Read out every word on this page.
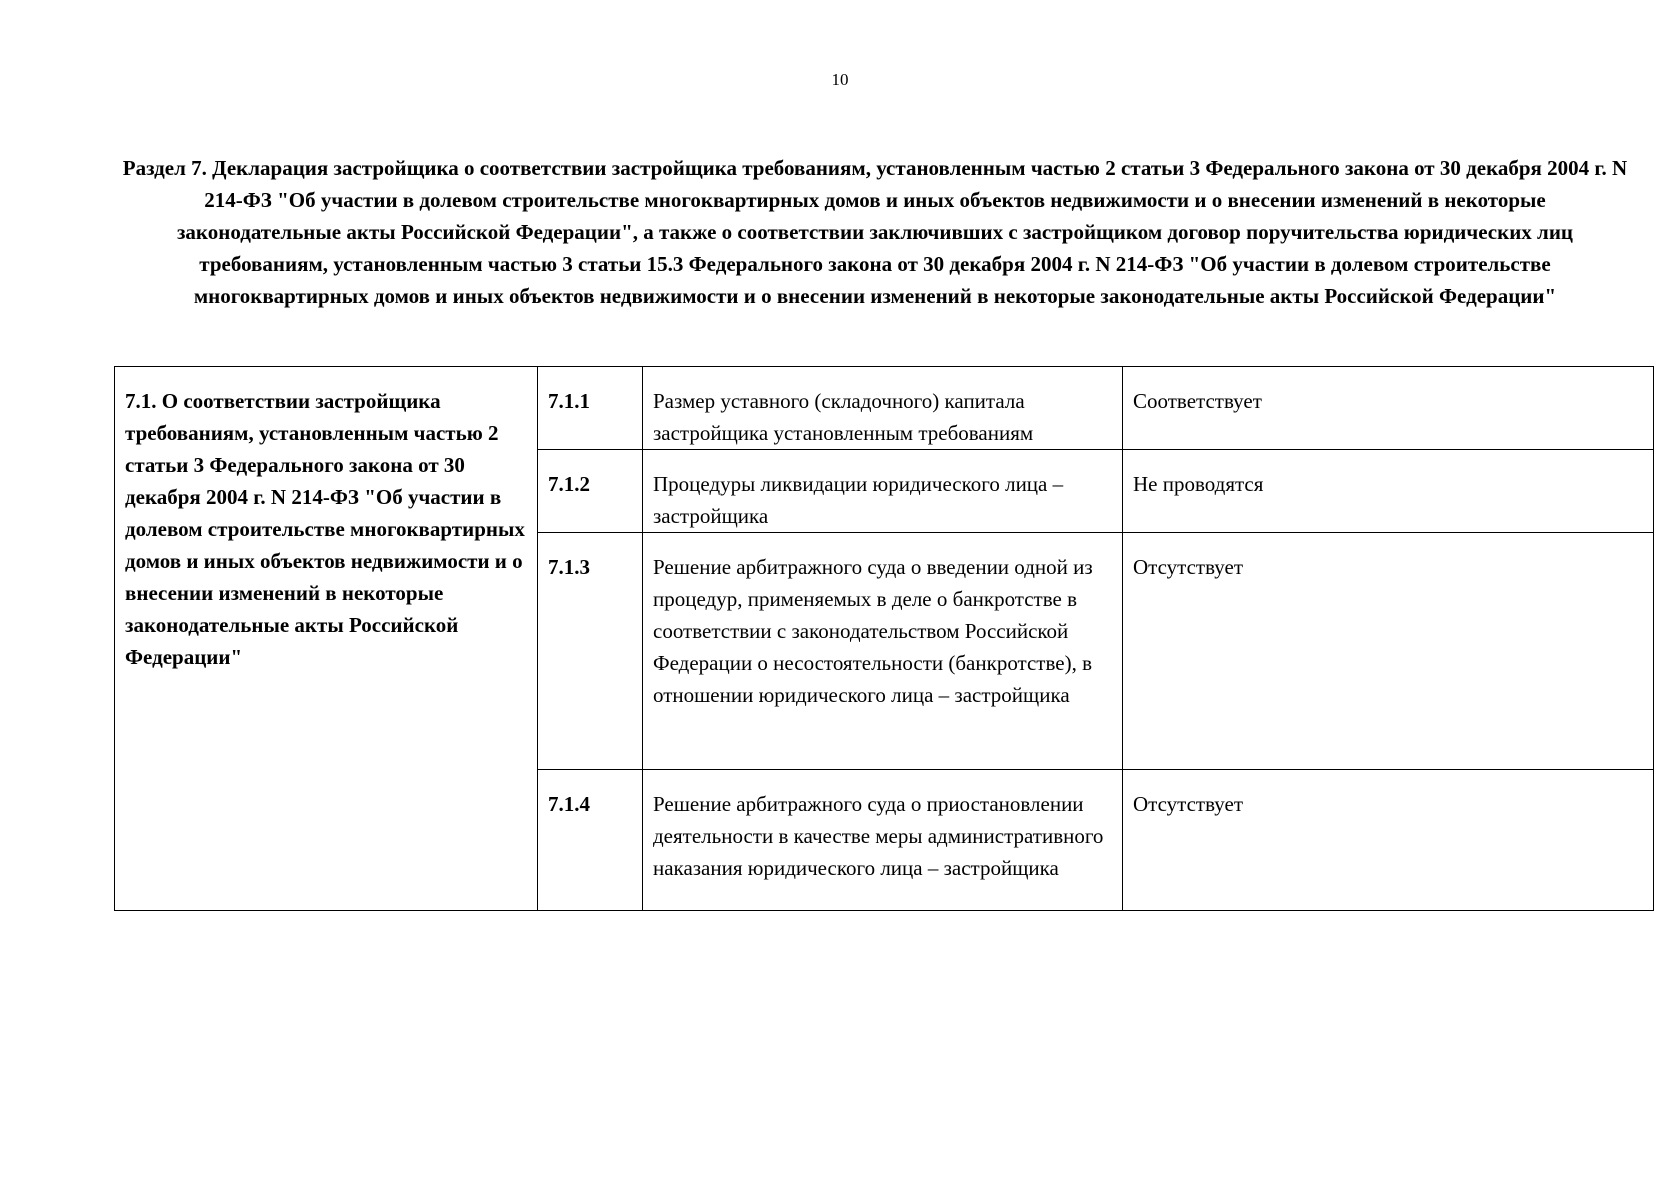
10
Раздел 7. Декларация застройщика о соответствии застройщика требованиям, установленным частью 2 статьи 3 Федерального закона от 30 декабря 2004 г. N 214-ФЗ "Об участии в долевом строительстве многоквартирных домов и иных объектов недвижимости и о внесении изменений в некоторые законодательные акты Российской Федерации", а также о соответствии заключивших с застройщиком договор поручительства юридических лиц требованиям, установленным частью 3 статьи 15.3 Федерального закона от 30 декабря 2004 г. N 214-ФЗ "Об участии в долевом строительстве многоквартирных домов и иных объектов недвижимости и о внесении изменений в некоторые законодательные акты Российской Федерации"
7.1. О соответствии застройщика требованиям, установленным частью 2 статьи 3 Федерального закона от 30 декабря 2004 г. N 214-ФЗ "Об участии в долевом строительстве многоквартирных домов и иных объектов недвижимости и о внесении изменений в некоторые законодательные акты Российской Федерации"	7.1.1	Размер уставного (складочного) капитала застройщика установленным требованиям	Соответствует
	7.1.2	Процедуры ликвидации юридического лица – застройщика	Не проводятся
	7.1.3	Решение арбитражного суда о введении одной из процедур, применяемых в деле о банкротстве в соответствии с законодательством Российской Федерации о несостоятельности (банкротстве), в отношении юридического лица – застройщика	Отсутствует
	7.1.4	Решение арбитражного суда о приостановлении деятельности в качестве меры административного наказания юридического лица – застройщика	Отсутствует
